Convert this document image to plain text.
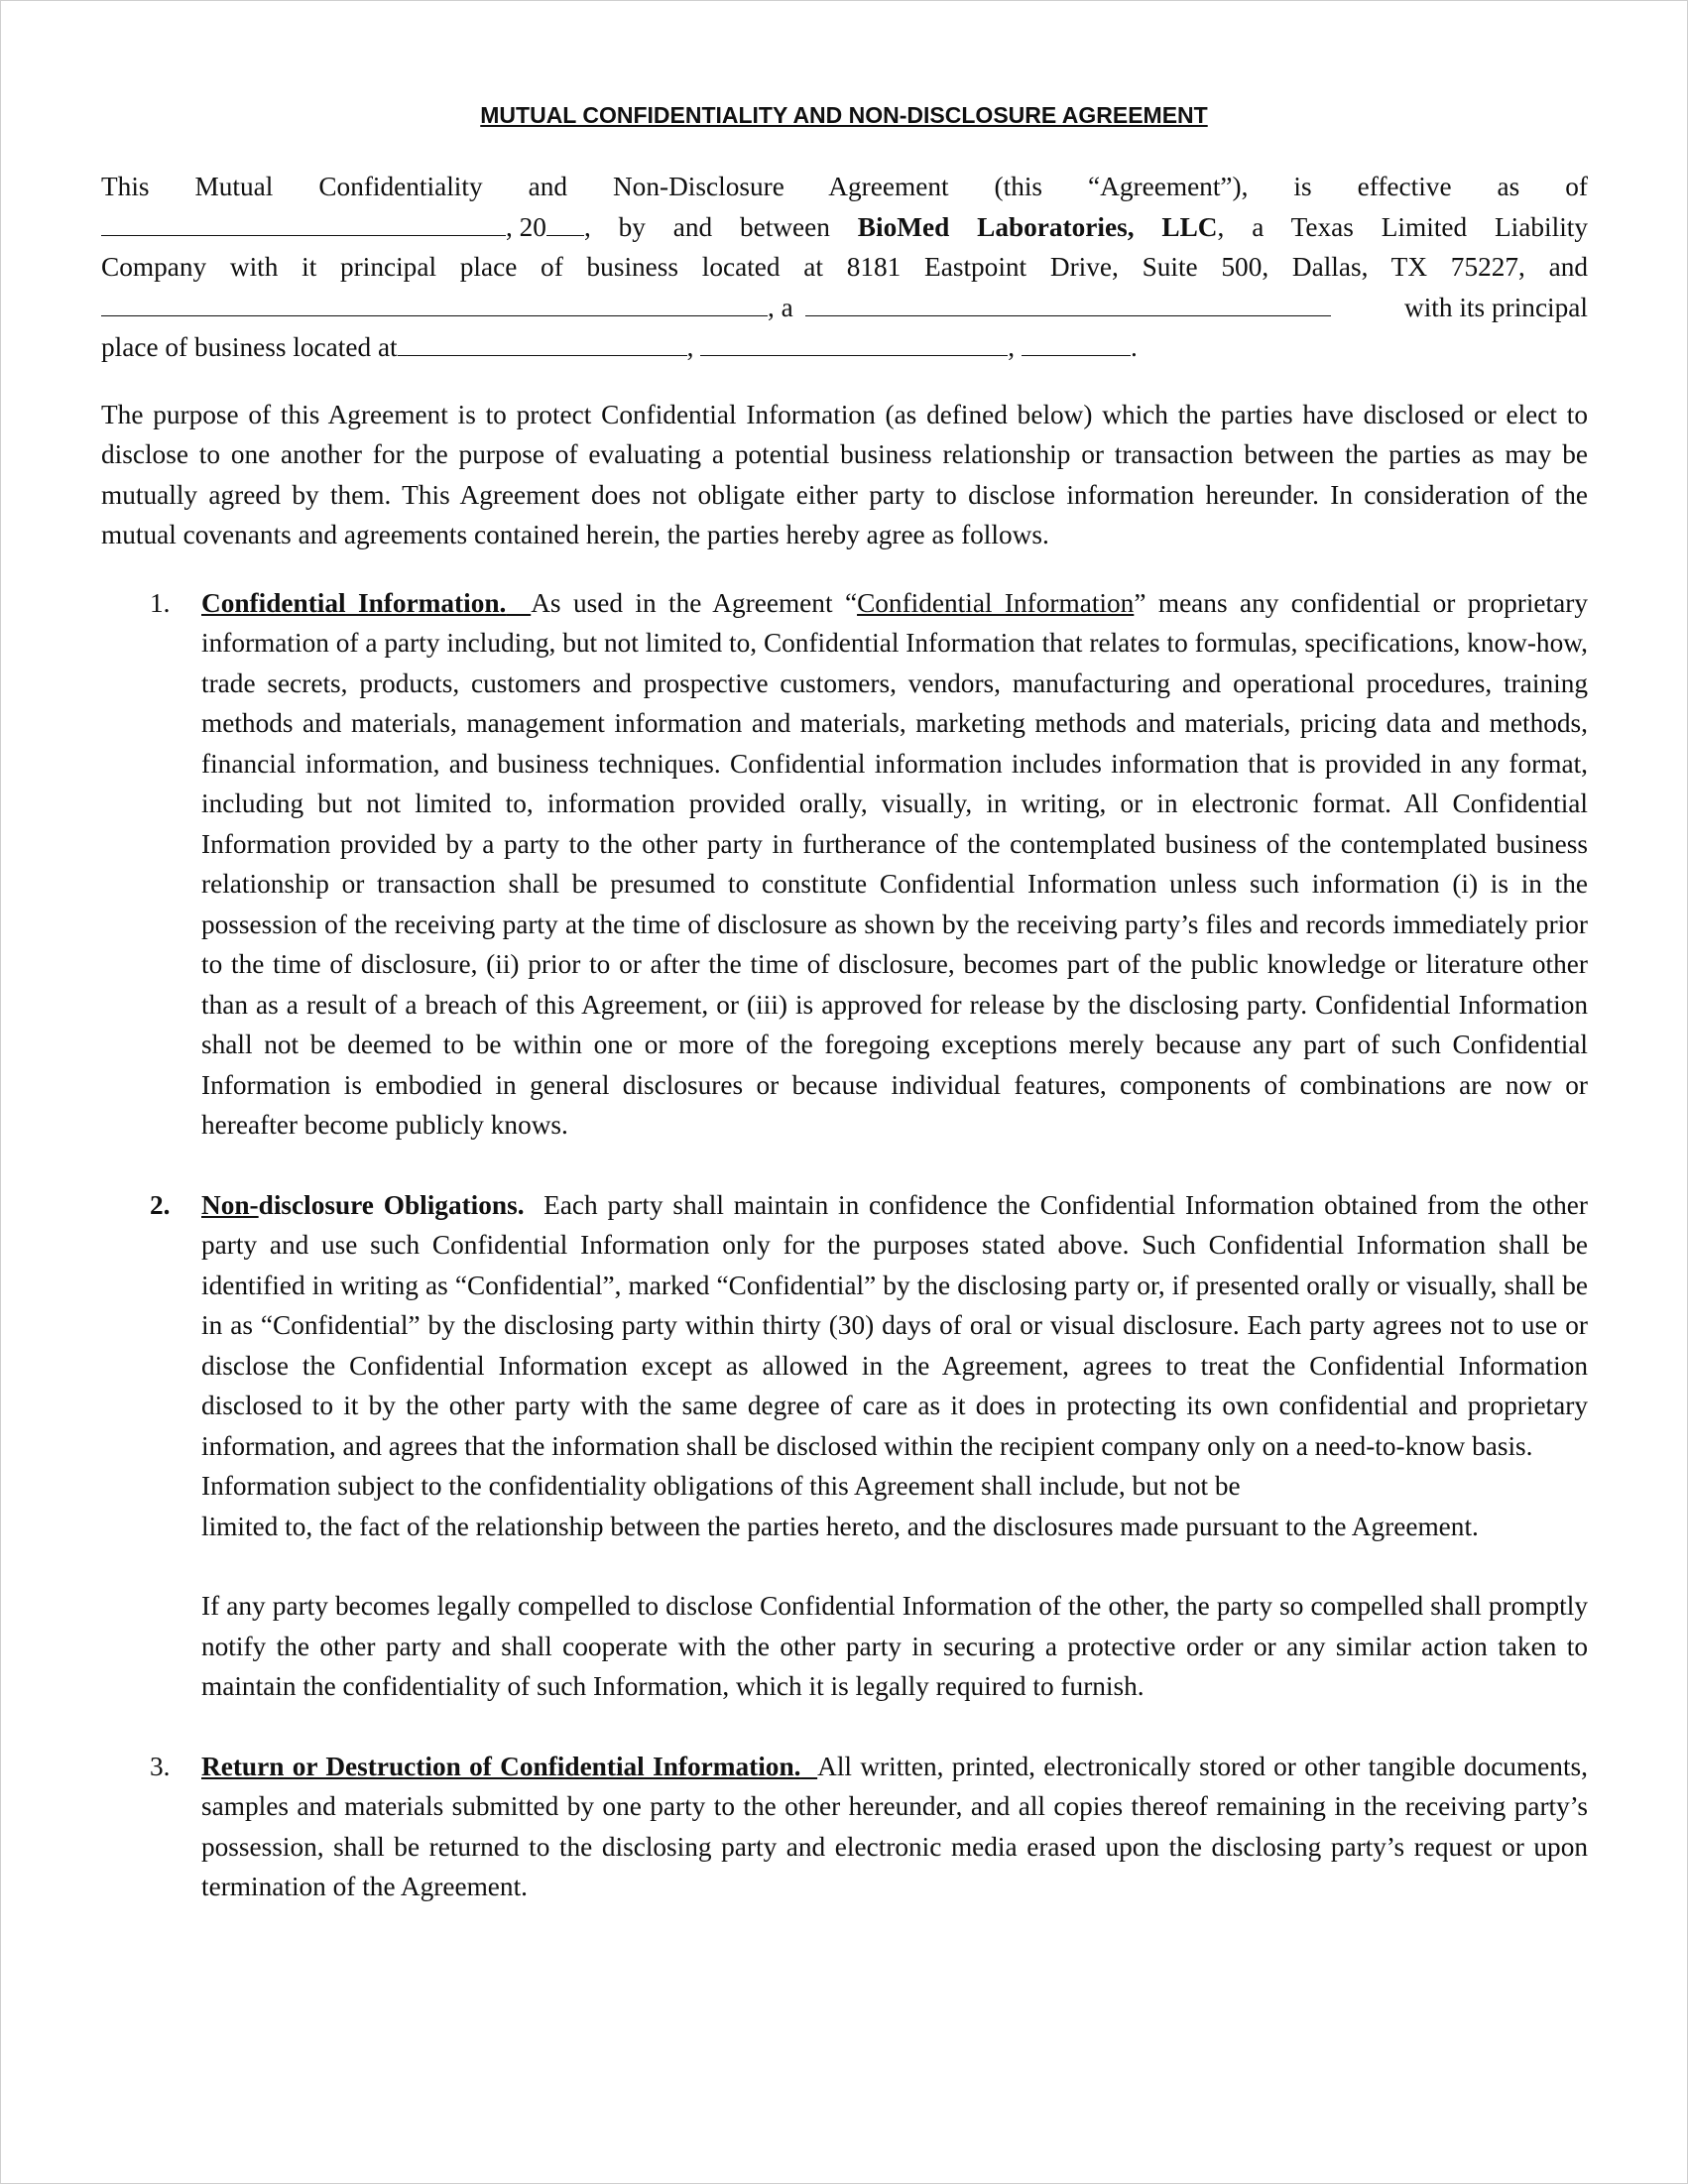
MUTUAL CONFIDENTIALITY AND NON-DISCLOSURE AGREEMENT

This Mutual Confidentiality and Non-Disclosure Agreement (this “Agreement”), is effective as of

, 20 , by and between BioMed Laboratories, LLC, a Texas Limited Liability

Company with it principal place of business located at 8181 Eastpoint Drive, Suite 500, Dallas, TX 75227, and

, a	with its principal
place of business located at	,	,	.

The purpose of this Agreement is to protect Confidential Information (as defined below) which the parties have disclosed or elect to disclose to one another for the purpose of evaluating a potential business relationship or transaction between the parties as may be mutually agreed by them. This Agreement does not obligate either party to disclose information hereunder. In consideration of the mutual covenants and agreements contained herein, the parties hereby agree as follows.

1. Confidential Information. As used in the Agreement “Confidential Information” means any confidential or proprietary information of a party including, but not limited to, Confidential Information that relates to formulas, specifications, know-how, trade secrets, products, customers and prospective customers, vendors, manufacturing and operational procedures, training methods and materials, management information and materials, marketing methods and materials, pricing data and methods, financial information, and business techniques. Confidential information includes information that is provided in any format, including but not limited to, information provided orally, visually, in writing, or in electronic format. All Confidential Information provided by a party to the other party in furtherance of the contemplated business of the contemplated business relationship or transaction shall be presumed to constitute Confidential Information unless such information (i) is in the possession of the receiving party at the time of disclosure as shown by the receiving party’s files and records immediately prior to the time of disclosure, (ii) prior to or after the time of disclosure, becomes part of the public knowledge or literature other than as a result of a breach of this Agreement, or (iii) is approved for release by the disclosing party. Confidential Information shall not be deemed to be within one or more of the foregoing exceptions merely because any part of such Confidential Information is embodied in general disclosures or because individual features, components of combinations are now or hereafter become publicly knows.

2. Non-disclosure Obligations. Each party shall maintain in confidence the Confidential Information obtained from the other party and use such Confidential Information only for the purposes stated above. Such Confidential Information shall be identified in writing as “Confidential”, marked “Confidential” by the disclosing party or, if presented orally or visually, shall be in as “Confidential” by the disclosing party within thirty (30) days of oral or visual disclosure. Each party agrees not to use or disclose the Confidential Information except as allowed in the Agreement, agrees to treat the Confidential Information disclosed to it by the other party with the same degree of care as it does in protecting its own confidential and proprietary information, and agrees that the information shall be disclosed within the recipient company only on a need-to-know basis.

Information subject to the confidentiality obligations of this Agreement shall include, but not be

limited to, the fact of the relationship between the parties hereto, and the disclosures made pursuant to the Agreement.

If any party becomes legally compelled to disclose Confidential Information of the other, the party so compelled shall promptly notify the other party and shall cooperate with the other party in securing a protective order or any similar action taken to maintain the confidentiality of such Information, which it is legally required to furnish.

3. Return or Destruction of Confidential Information. All written, printed, electronically stored or other tangible documents, samples and materials submitted by one party to the other hereunder, and all copies thereof remaining in the receiving party’s possession, shall be returned to the disclosing party and electronic media erased upon the disclosing party’s request or upon termination of the Agreement.
